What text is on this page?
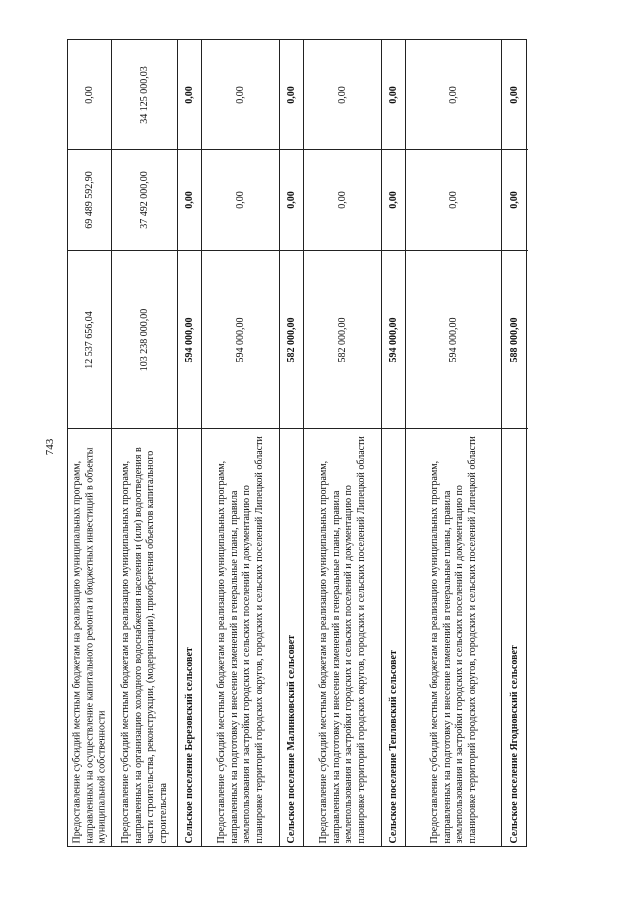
743
0,00
69 489 592,90
12 537 656,04
Предоставление субсидий местным бюджетам на реализацию муниципальных программ, направленных на осуществление капитального ремонта и бюджетных инвестиций в объекты муниципальной собственности
34 125 000,03
37 492 000,00
103 238 000,00
Предоставление субсидий местным бюджетам на реализацию муниципальных программ, направленных на организацию холодного водоснабжения населения и (или) водоотведения в части строительства, реконструкции, (модернизации), приобретения объектов капитального строительства
0,00
0,00
594 000,00
Сельское поселение Березовский сельсовет
0,00
0,00
594 000,00
Предоставление субсидий местным бюджетам на реализацию муниципальных программ, направленных на подготовку и внесение изменений в генеральные планы, правила землепользования и застройки городских и сельских поселений и документацию по планировке территорий городских округов, городских и сельских поселений Липецкой области
0,00
0,00
582 000,00
Сельское поселение Малинковский сельсовет
0,00
0,00
582 000,00
Предоставление субсидий местным бюджетам на реализацию муниципальных программ, направленных на подготовку и внесение изменений в генеральные планы, правила землепользования и застройки городских и сельских поселений и документацию по планировке территорий городских округов, городских и сельских поселений Липецкой области
0,00
0,00
594 000,00
Сельское поселение Тепловский сельсовет
0,00
0,00
594 000,00
Предоставление субсидий местным бюджетам на реализацию муниципальных программ, направленных на подготовку и внесение изменений в генеральные планы, правила землепользования и застройки городских и сельских поселений и документацию по планировке территорий городских округов, городских и сельских поселений Липецкой области
0,00
0,00
588 000,00
Сельское поселение Ягодновский сельсовет
